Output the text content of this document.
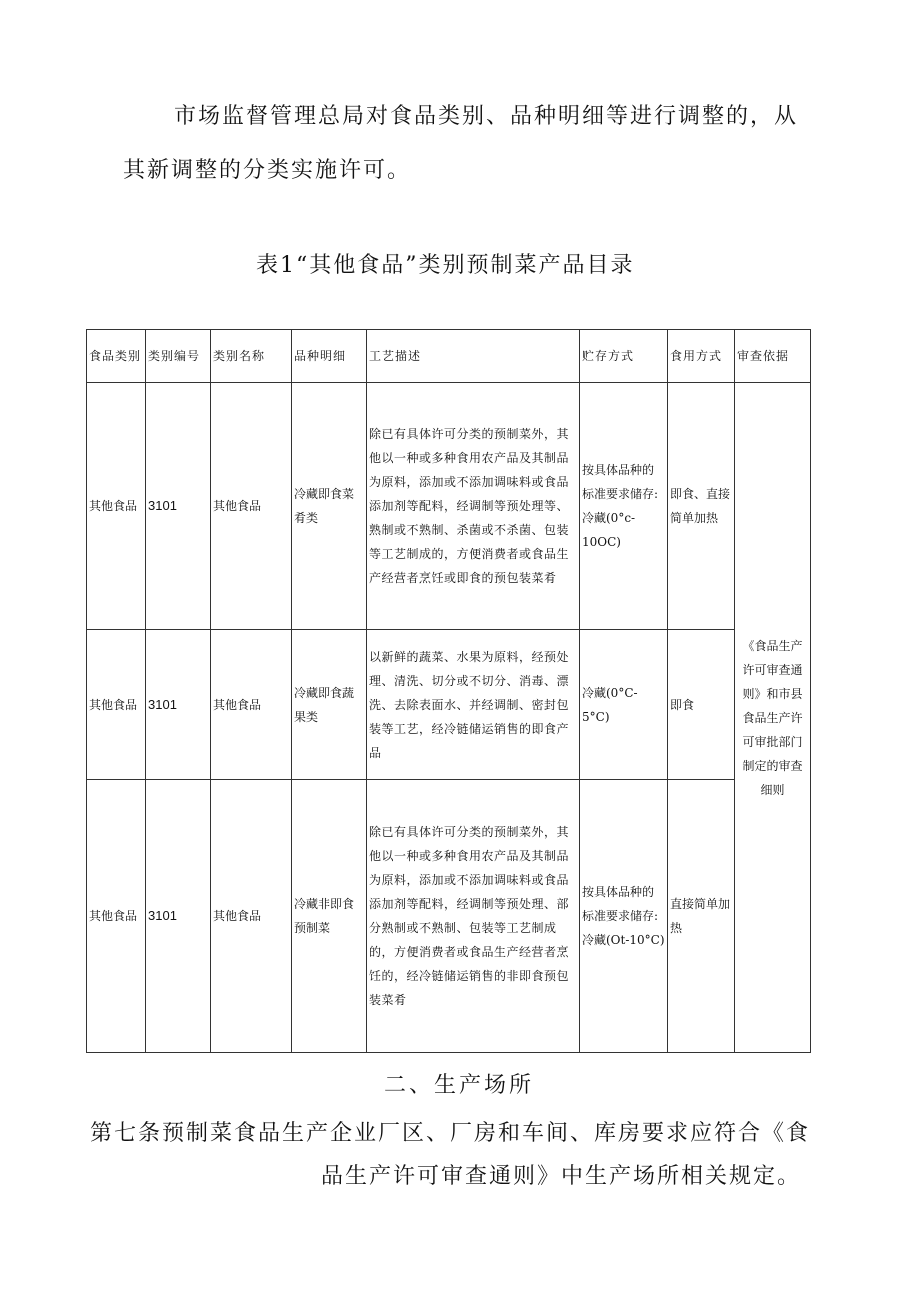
市场监督管理总局对食品类别、品种明细等进行调整的，从
其新调整的分类实施许可。
表1“其他食品”类别预制菜产品目录
食品类别	类别编号	类别名称	品种明细	工艺描述	贮存方式	食用方式	审查依据
其他食品	3101	其他食品	冷藏即食菜肴类	除已有具体许可分类的预制菜外，其他以一种或多种食用农产品及其制品为原料，添加或不添加调味料或食品添加剂等配料，经调制等预处理等、熟制或不熟制、杀菌或不杀菌、包装等工艺制成的，方便消费者或食品生产经营者烹饪或即食的预包装菜肴	按具体品种的标准要求储存:冷藏(0°c-10OC)	即食、直接简单加热	《食品生产许可审查通则》和市县食品生产许可审批部门制定的审查细则
其他食品	3101	其他食品	冷藏即食蔬果类	以新鲜的蔬菜、水果为原料，经预处理、清洗、切分或不切分、消毒、漂洗、去除表面水、并经调制、密封包装等工艺，经冷链储运销售的即食产品	冷藏(0°C-5°C)	即食	
其他食品	3101	其他食品	冷藏非即食预制菜	除已有具体许可分类的预制菜外，其他以一种或多种食用农产品及其制品为原料，添加或不添加调味料或食品添加剂等配料，经调制等预处理、部分熟制或不熟制、包装等工艺制成的，方便消费者或食品生产经营者烹饪的，经冷链储运销售的非即食预包装菜肴	按具体品种的标准要求储存:冷藏(Ot-10°C)	直接简单加热	
二、生产场所
第七条预制菜食品生产企业厂区、厂房和车间、库房要求应符合《食
品生产许可审查通则》中生产场所相关规定。
